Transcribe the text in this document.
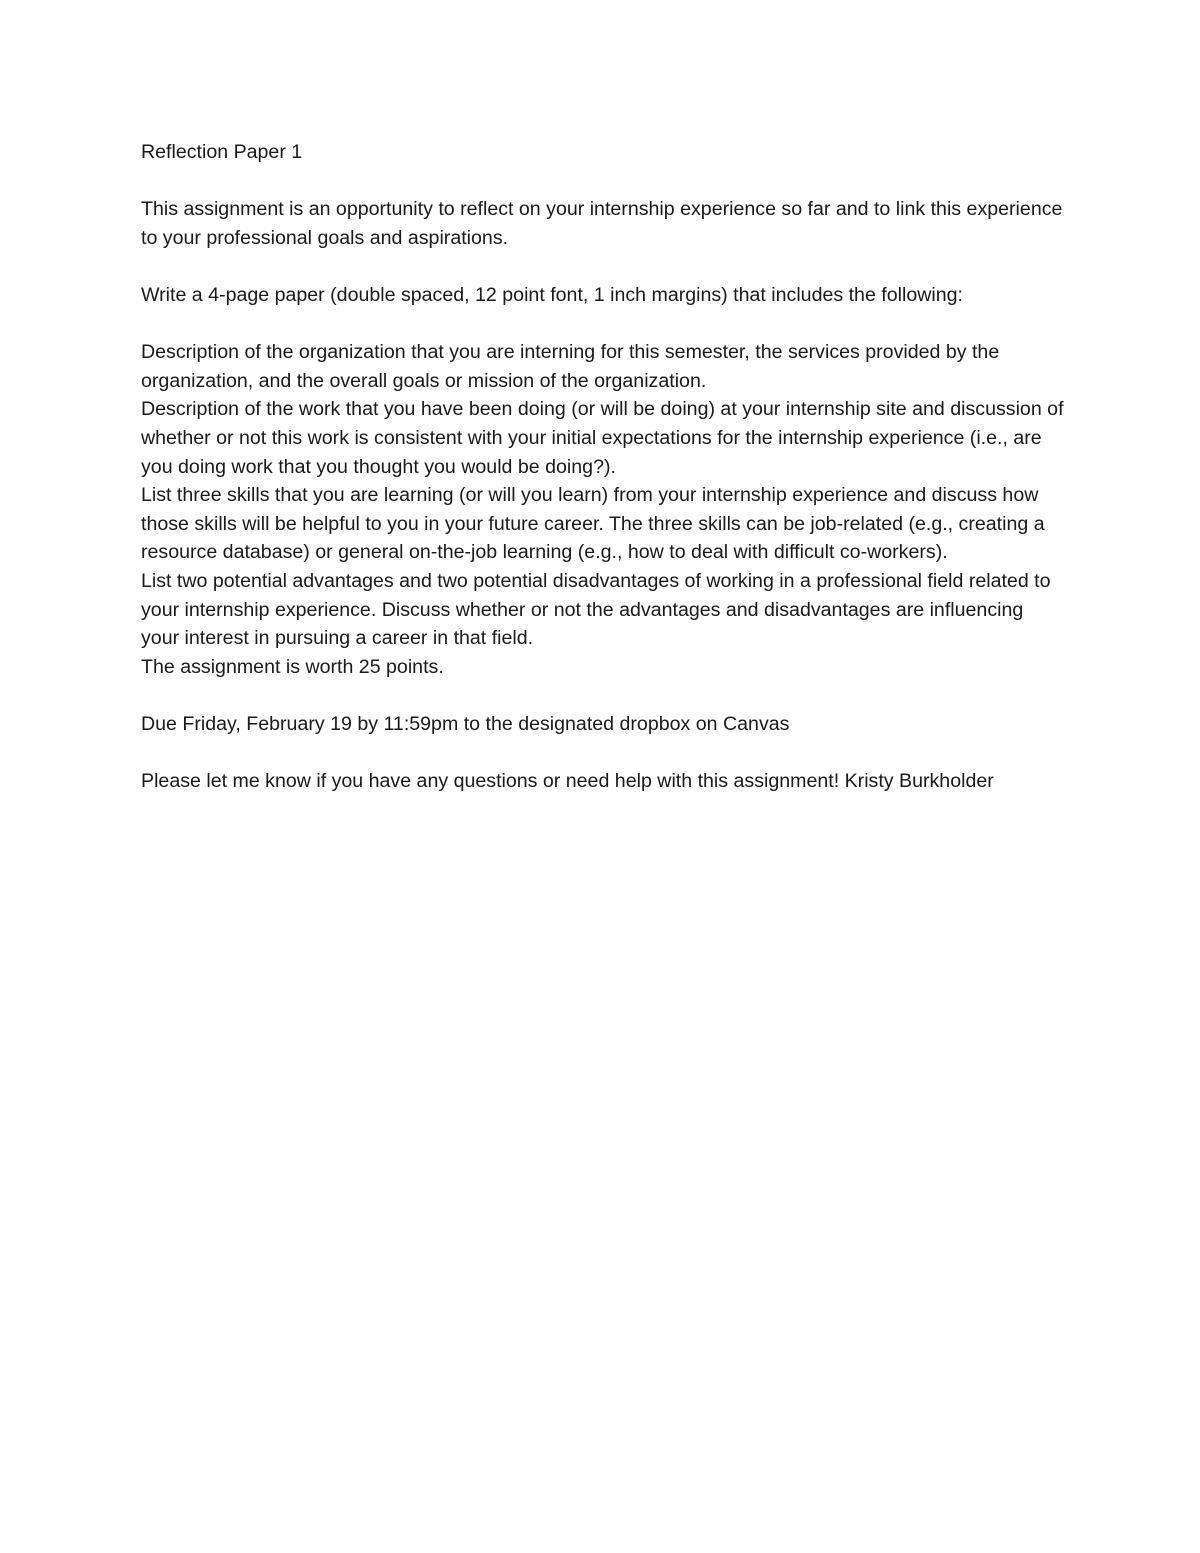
Reflection Paper 1

This assignment is an opportunity to reflect on your internship experience so far and to link this experience to your professional goals and aspirations.

Write a 4-page paper (double spaced, 12 point font, 1 inch margins) that includes the following:

Description of the organization that you are interning for this semester, the services provided by the organization, and the overall goals or mission of the organization.

Description of the work that you have been doing (or will be doing) at your internship site and discussion of whether or not this work is consistent with your initial expectations for the internship experience (i.e., are you doing work that you thought you would be doing?).

List three skills that you are learning (or will you learn) from your internship experience and discuss how those skills will be helpful to you in your future career. The three skills can be job-related (e.g., creating a resource database) or general on-the-job learning (e.g., how to deal with difficult co-workers).

List two potential advantages and two potential disadvantages of working in a professional field related to your internship experience. Discuss whether or not the advantages and disadvantages are influencing your interest in pursuing a career in that field.

The assignment is worth 25 points.

Due Friday, February 19 by 11:59pm to the designated dropbox on Canvas

Please let me know if you have any questions or need help with this assignment! Kristy Burkholder
